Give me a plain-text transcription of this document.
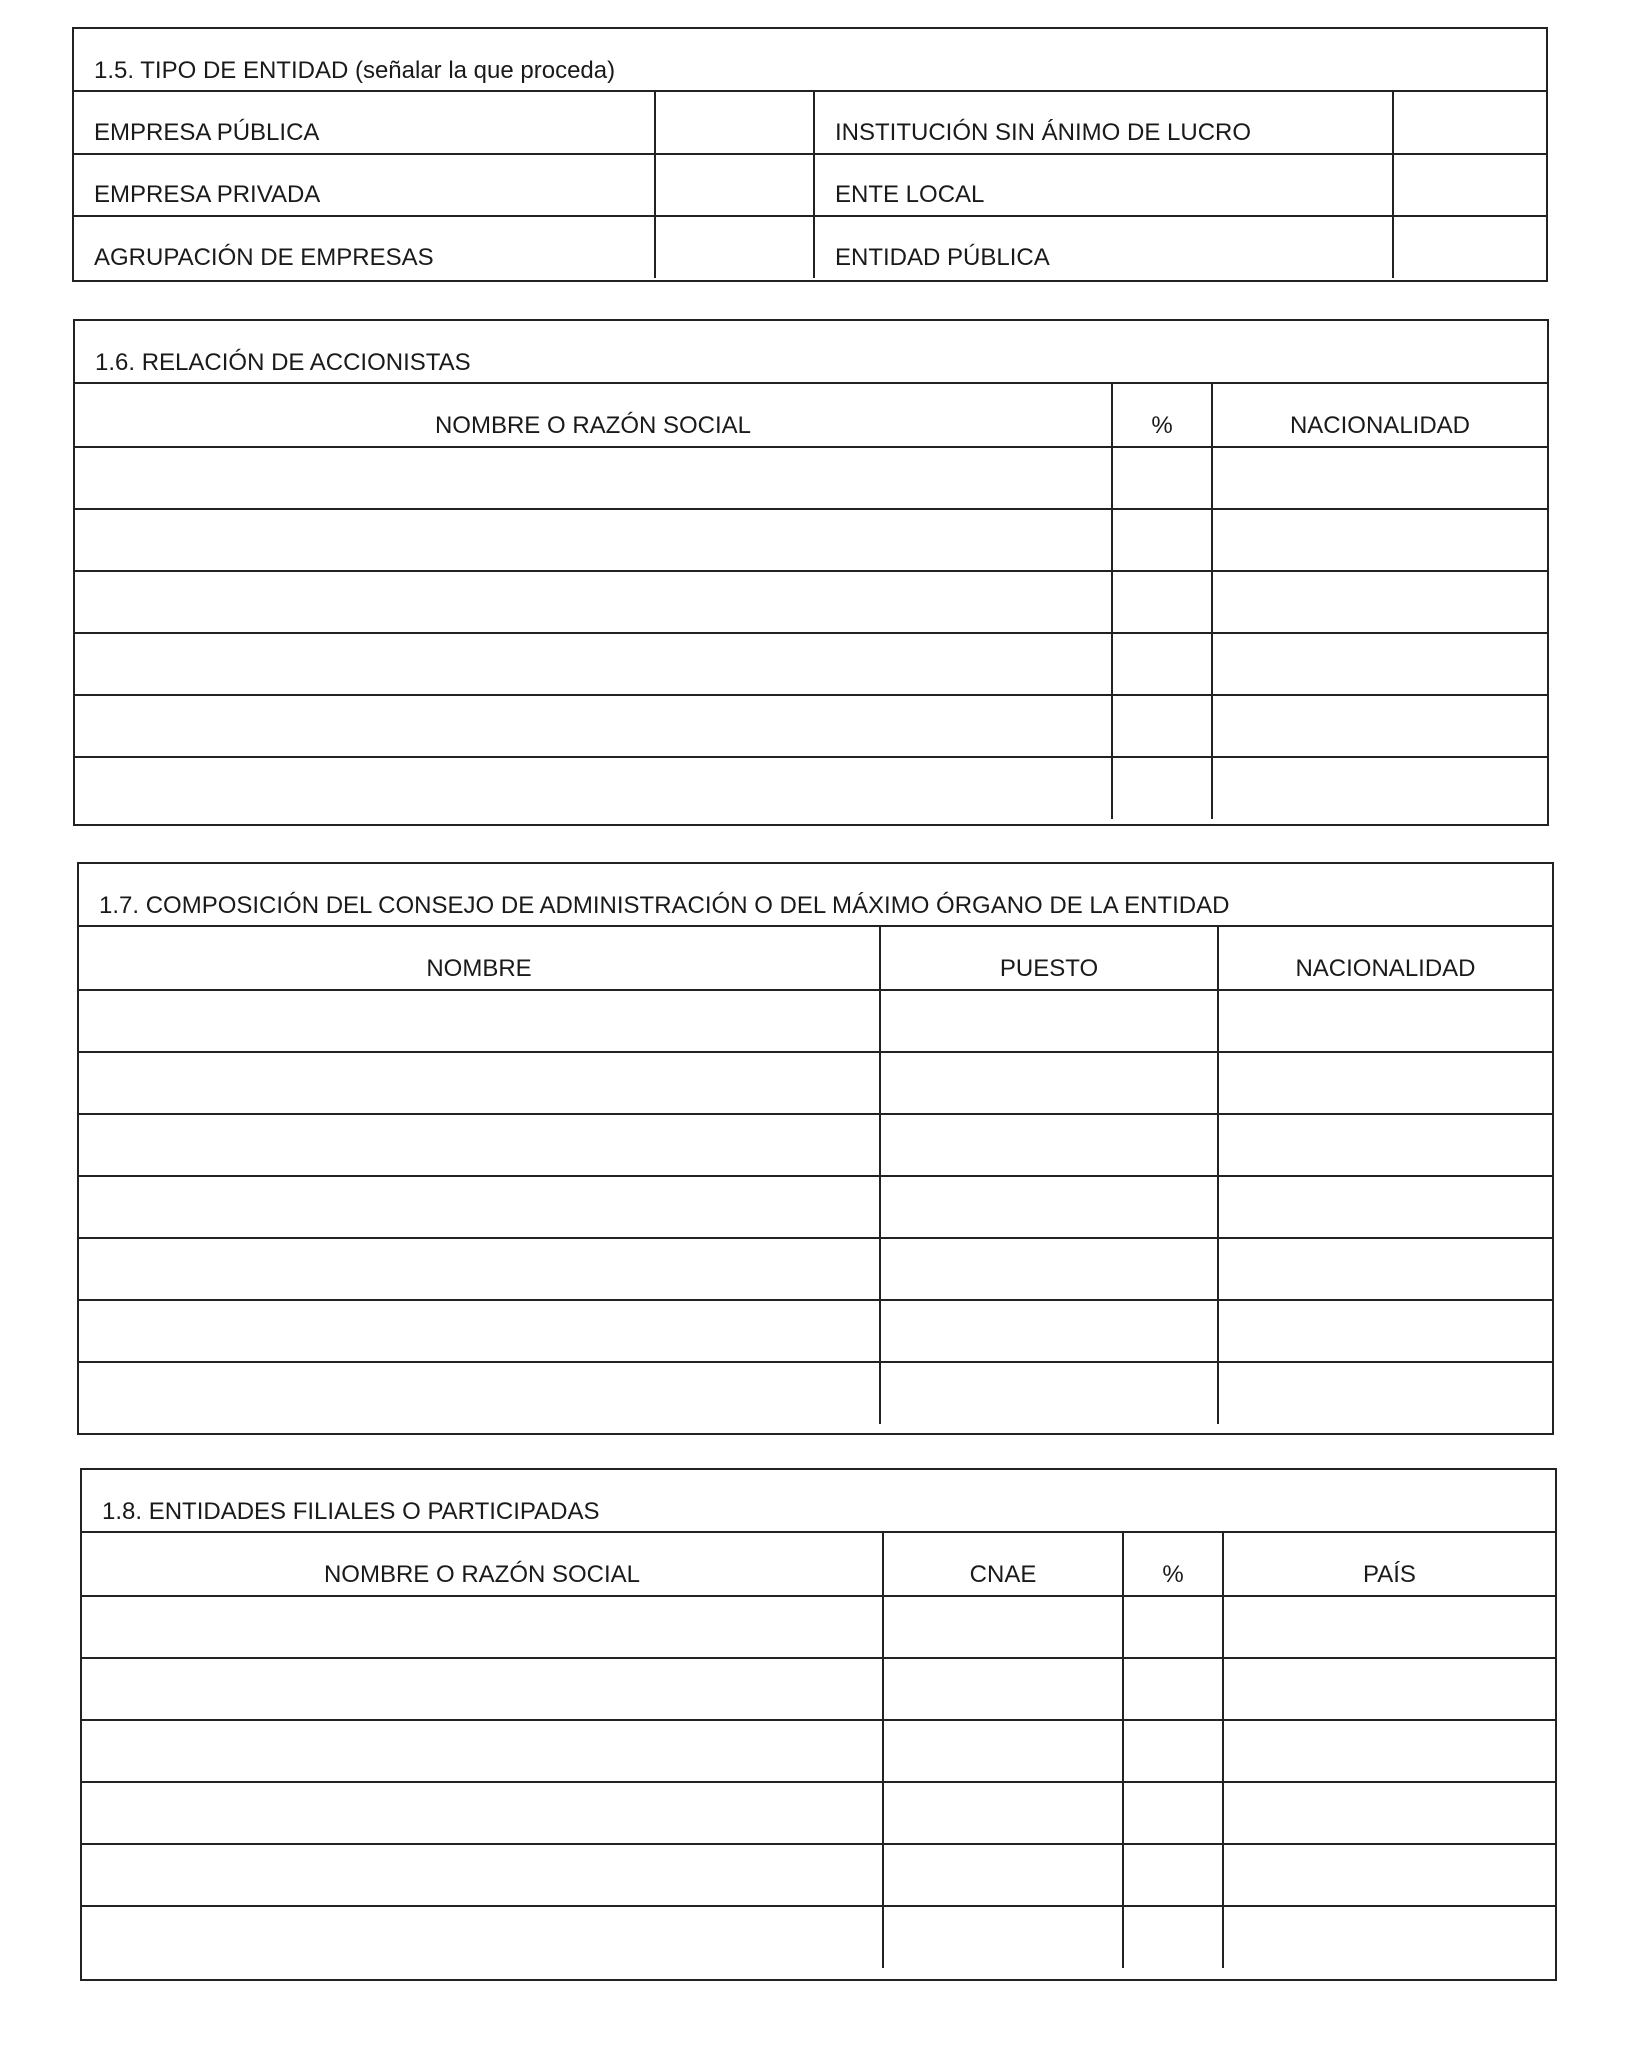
1.5. TIPO DE ENTIDAD (señalar la que proceda)
EMPRESA PÚBLICA		INSTITUCIÓN SIN ÁNIMO DE LUCRO	
EMPRESA PRIVADA		ENTE LOCAL	
AGRUPACIÓN DE EMPRESAS		ENTIDAD PÚBLICA	
1.6. RELACIÓN DE ACCIONISTAS
NOMBRE O RAZÓN SOCIAL	%	NACIONALIDAD

1.7. COMPOSICIÓN DEL CONSEJO DE ADMINISTRACIÓN O DEL MÁXIMO ÓRGANO DE LA ENTIDAD
NOMBRE	PUESTO	NACIONALIDAD

1.8. ENTIDADES FILIALES O PARTICIPADAS
NOMBRE O RAZÓN SOCIAL	CNAE	%	PAÍS
